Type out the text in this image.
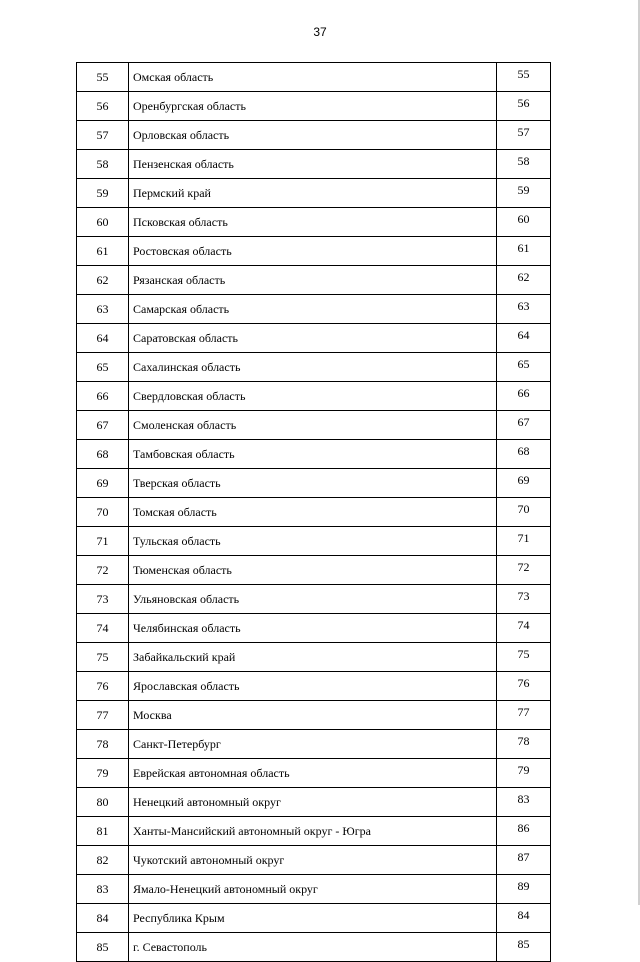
37
55	Омская область	55
56	Оренбургская область	56
57	Орловская область	57
58	Пензенская область	58
59	Пермский край	59
60	Псковская область	60
61	Ростовская область	61
62	Рязанская область	62
63	Самарская область	63
64	Саратовская область	64
65	Сахалинская область	65
66	Свердловская область	66
67	Смоленская область	67
68	Тамбовская область	68
69	Тверская область	69
70	Томская область	70
71	Тульская область	71
72	Тюменская область	72
73	Ульяновская область	73
74	Челябинская область	74
75	Забайкальский край	75
76	Ярославская область	76
77	Москва	77
78	Санкт-Петербург	78
79	Еврейская автономная область	79
80	Ненецкий автономный округ	83
81	Ханты-Мансийский автономный округ - Югра	86
82	Чукотский автономный округ	87
83	Ямало-Ненецкий автономный округ	89
84	Республика Крым	84
85	г. Севастополь	85
